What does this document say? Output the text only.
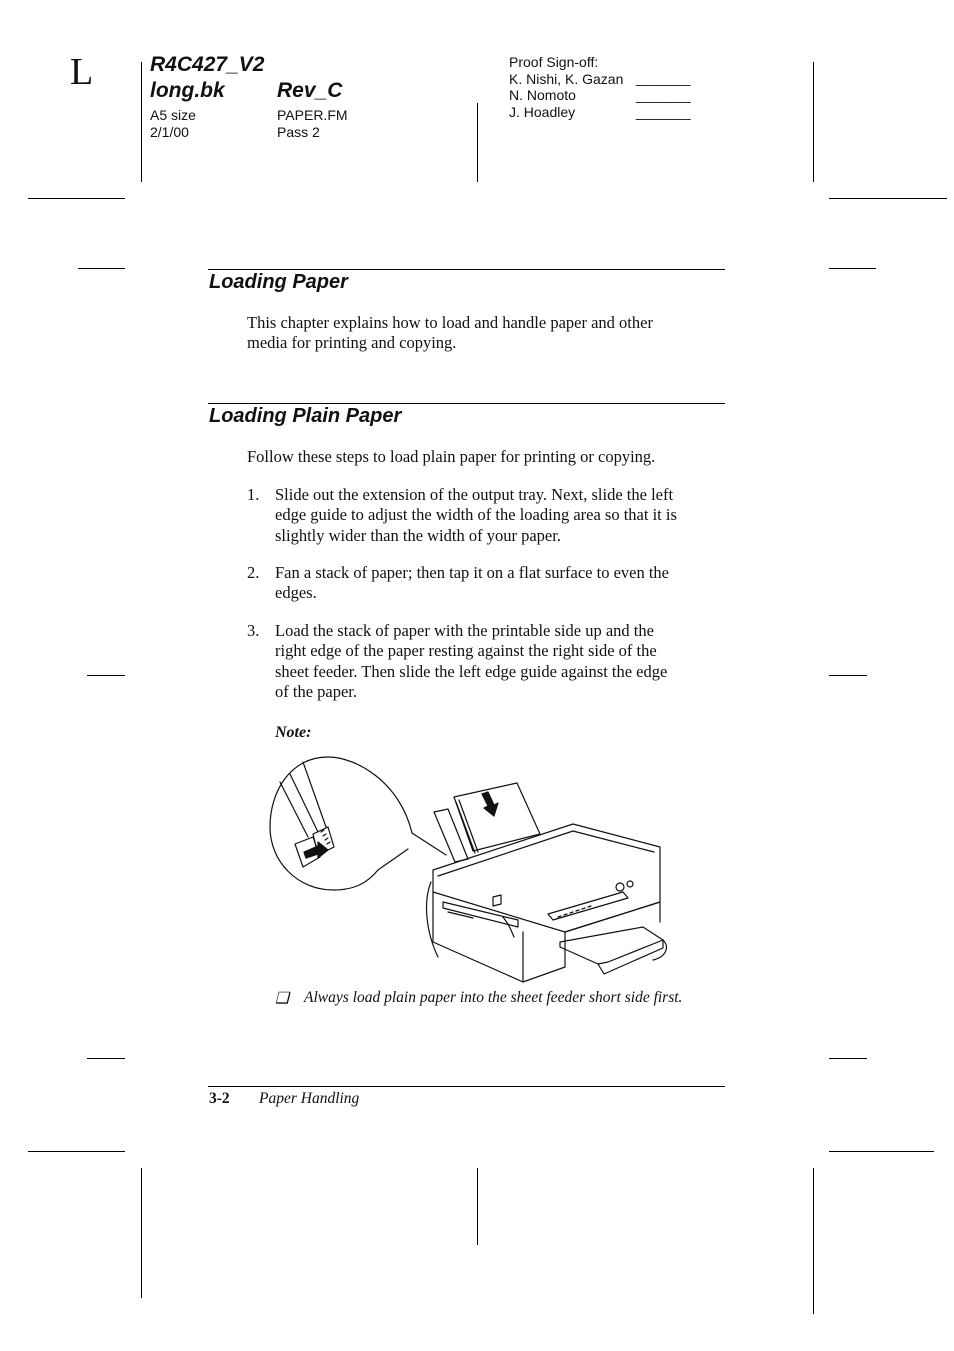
L	R4C427_V2
long.bk Rev_C
A5 size
2/1/00
PAPER.FM
Pass 2
Proof Sign-off:
K. Nishi, K. Gazan _______
N. Nomoto	_______
J. Hoadley	_______
Loading Paper
This chapter explains how to load and handle paper and other
media for printing and copying.
Loading Plain Paper
Follow these steps to load plain paper for printing or copying.
1. Slide out the extension of the output tray. Next, slide the left
edge guide to adjust the width of the loading area so that it is
slightly wider than the width of your paper.
2. Fan a stack of paper; then tap it on a flat surface to even the
edges.
3. Load the stack of paper with the printable side up and the
right edge of the paper resting against the right side of the
sheet feeder. Then slide the left edge guide against the edge
of the paper.
Note:
❑ Always load plain paper into the sheet feeder short side first.
3-2 Paper Handling
